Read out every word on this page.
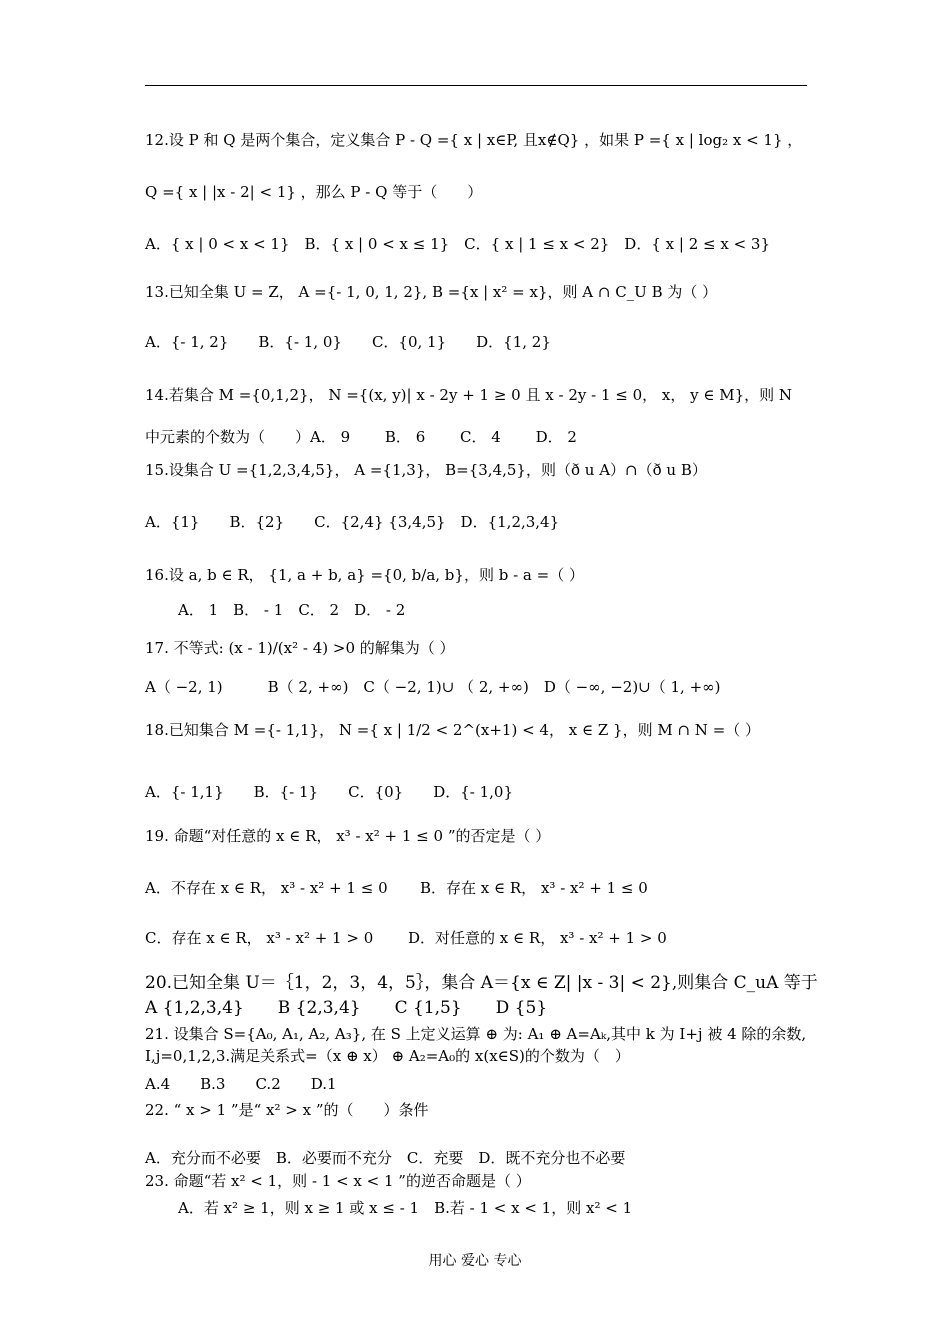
12.设 P 和 Q 是两个集合，定义集合 P - Q ={ x | x∈P, 且x∉Q} ，如果 P ={ x | log₂ x < 1} ，
Q ={ x | |x - 2| < 1} ，那么 P - Q 等于（　　）
A．{ x | 0 < x < 1}　B．{ x | 0 < x ≤ 1}　C．{ x | 1 ≤ x < 2}　D．{ x | 2 ≤ x < 3}
13.已知全集 U = Z， A ={- 1, 0, 1, 2}, B ={x | x² = x}，则 A ∩ C_U B 为（ ）
A．{- 1, 2}　　B．{- 1, 0}　　C．{0, 1}　　D．{1, 2}
14.若集合 M ={0,1,2}， N ={(x, y)| x - 2y + 1 ≥ 0 且 x - 2y - 1 ≤ 0， x， y ∈ M}，则 N
中元素的个数为（　　）A． 9　　 B． 6　　 C． 4　　 D． 2
15.设集合 U ={1,2,3,4,5}， A ={1,3}， B={3,4,5}，则（ð u A）∩（ð u B）
A．{1}　　B．{2}　　C．{2,4} {3,4,5}　D．{1,2,3,4}
16.设 a, b ∈ R， {1, a + b, a} ={0, b/a, b}，则 b - a =（ ）
A． 1　B． - 1　C． 2　D． - 2
17. 不等式: (x - 1)/(x² - 4) >0 的解集为（ ）
A（ −2, 1)　　　B（ 2, +∞)　C（ −2, 1)∪ （ 2, +∞)　D（ −∞, −2)∪（ 1, +∞)
18.已知集合 M ={- 1,1}， N ={ x | 1/2 < 2^(x+1) < 4， x ∈ Z }，则 M ∩ N =（ ）
A．{- 1,1}　　B．{- 1}　　C．{0}　　D．{- 1,0}
19. 命题“对任意的 x ∈ R， x³ - x² + 1 ≤ 0 ”的否定是（ ）
A．不存在 x ∈ R， x³ - x² + 1 ≤ 0 B．存在 x ∈ R， x³ - x² + 1 ≤ 0
C．存在 x ∈ R， x³ - x² + 1 > 0 D．对任意的 x ∈ R， x³ - x² + 1 > 0
20.已知全集 U＝｛1，2，3，4，5｝，集合 A＝{x ∈ Z| |x - 3| < 2},则集合 C_uA 等于
A {1,2,3,4}　　B {2,3,4}　　C {1,5}　　D {5}
21. 设集合 S={A₀, A₁, A₂, A₃}, 在 S 上定义运算 ⊕ 为: A₁ ⊕ A=Aₖ,其中 k 为 I+j 被 4 除的余数,
I,j=0,1,2,3.满足关系式=（x ⊕ x） ⊕ A₂=A₀的 x(x∈S)的个数为（　）
A.4　　B.3　　C.2　　D.1
22. “ x > 1 ”是“ x² > x ”的（　　）条件
A．充分而不必要　B．必要而不充分　C．充要　D．既不充分也不必要
23. 命题“若 x² < 1，则 - 1 < x < 1 ”的逆否命题是（ ）
A．若 x² ≥ 1，则 x ≥ 1 或 x ≤ - 1　B.若 - 1 < x < 1，则 x² < 1
用心 爱心 专心
